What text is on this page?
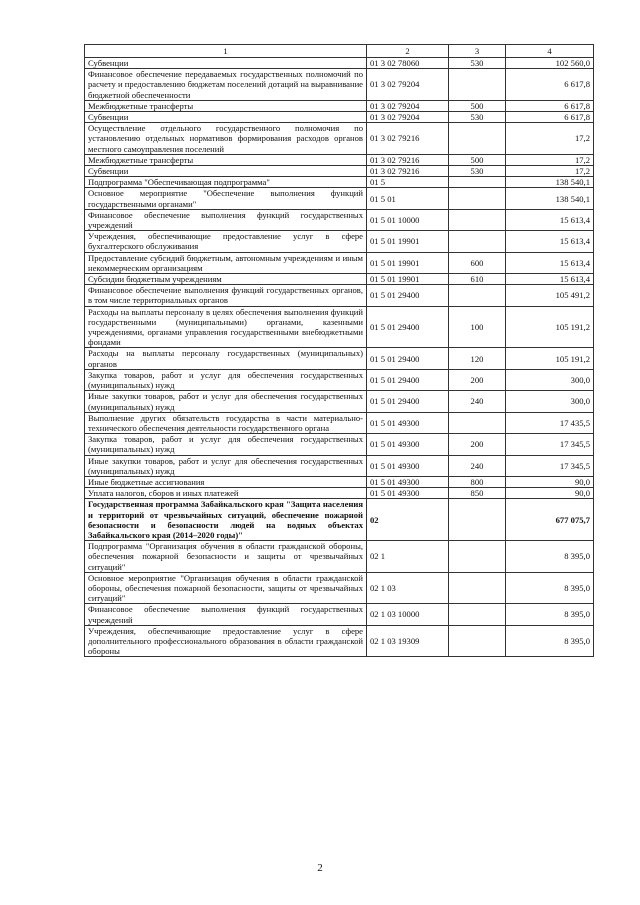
1	2	3	4
Субвенции	01 3 02 78060	530	102 560,0
Финансовое обеспечение передаваемых государственных полномочий по расчету и предоставлению бюджетам поселений дотаций на выравнивание бюджетной обеспеченности	01 3 02 79204		6 617,8
Межбюджетные трансферты	01 3 02 79204	500	6 617,8
Субвенции	01 3 02 79204	530	6 617,8
Осуществление отдельного государственного полномочия по установлению отдельных нормативов формирования расходов органов местного самоуправления поселений	01 3 02 79216		17,2
Межбюджетные трансферты	01 3 02 79216	500	17,2
Субвенции	01 3 02 79216	530	17,2
Подпрограмма "Обеспечивающая подпрограмма"	01 5		138 540,1
Основное мероприятие "Обеспечение выполнения функций государственными органами"	01 5 01		138 540,1
Финансовое обеспечение выполнения функций государственных учреждений	01 5 01 10000		15 613,4
Учреждения, обеспечивающие предоставление услуг в сфере бухгалтерского обслуживания	01 5 01 19901		15 613,4
Предоставление субсидий бюджетным, автономным учреждениям и иным некоммерческим организациям	01 5 01 19901	600	15 613,4
Субсидии бюджетным учреждениям	01 5 01 19901	610	15 613,4
Финансовое обеспечение выполнения функций государственных органов, в том числе территориальных органов	01 5 01 29400		105 491,2
Расходы на выплаты персоналу в целях обеспечения выполнения функций государственными (муниципальными) органами, казенными учреждениями, органами управления государственными внебюджетными фондами	01 5 01 29400	100	105 191,2
Расходы на выплаты персоналу государственных (муниципальных) органов	01 5 01 29400	120	105 191,2
Закупка товаров, работ и услуг для обеспечения государственных (муниципальных) нужд	01 5 01 29400	200	300,0
Иные закупки товаров, работ и услуг для обеспечения государственных (муниципальных) нужд	01 5 01 29400	240	300,0
Выполнение других обязательств государства в части материально-технического обеспечения деятельности государственного органа	01 5 01 49300		17 435,5
Закупка товаров, работ и услуг для обеспечения государственных (муниципальных) нужд	01 5 01 49300	200	17 345,5
Иные закупки товаров, работ и услуг для обеспечения государственных (муниципальных) нужд	01 5 01 49300	240	17 345,5
Иные бюджетные ассигнования	01 5 01 49300	800	90,0
Уплата налогов, сборов и иных платежей	01 5 01 49300	850	90,0
Государственная программа Забайкальского края "Защита населения и территорий от чрезвычайных ситуаций, обеспечение пожарной безопасности и безопасности людей на водных объектах Забайкальского края (2014–2020 годы)"	02		677 075,7
Подпрограмма "Организация обучения в области гражданской обороны, обеспечения пожарной безопасности и защиты от чрезвычайных ситуаций"	02 1		8 395,0
Основное мероприятие "Организация обучения в области гражданской обороны, обеспечения пожарной безопасности, защиты от чрезвычайных ситуаций"	02 1 03		8 395,0
Финансовое обеспечение выполнения функций государственных учреждений	02 1 03 10000		8 395,0
Учреждения, обеспечивающие предоставление услуг в сфере дополнительного профессионального образования в области гражданской обороны	02 1 03 19309		8 395,0
2
